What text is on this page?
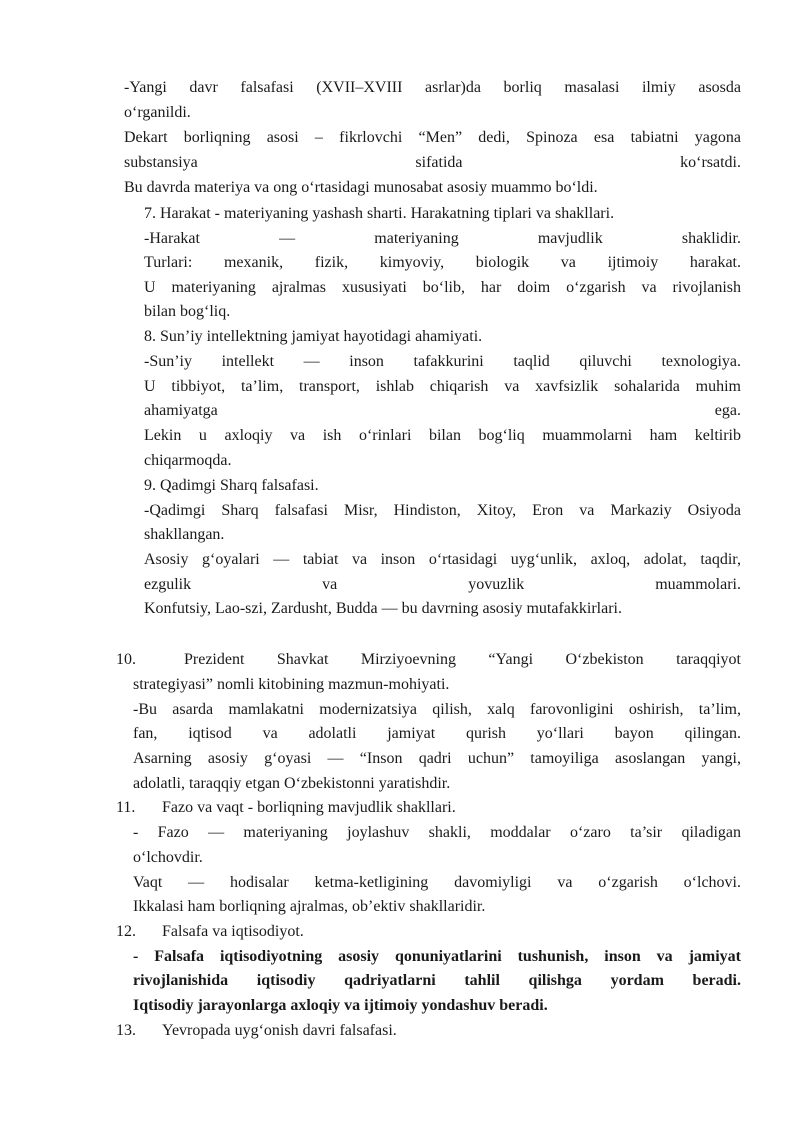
-Yangi davr falsafasi (XVII–XVIII asrlar)da borliq masalasi ilmiy asosda
oʻrganildi.
Dekart borliqning asosi – fikrlovchi “Men” dedi, Spinoza esa tabiatni yagona
substansiya sifatida koʻrsatdi.
Bu davrda materiya va ong oʻrtasidagi munosabat asosiy muammo boʻldi.
7. Harakat - materiyaning yashash sharti. Harakatning tiplari va shakllari.
-Harakat — materiyaning mavjudlik shaklidir.
Turlari: mexanik, fizik, kimyoviy, biologik va ijtimoiy harakat.
U materiyaning ajralmas xususiyati boʻlib, har doim oʻzgarish va rivojlanish
bilan bogʻliq.
8. Sun’iy intellektning jamiyat hayotidagi ahamiyati.
-Sun’iy intellekt — inson tafakkurini taqlid qiluvchi texnologiya.
U tibbiyot, ta’lim, transport, ishlab chiqarish va xavfsizlik sohalarida muhim
ahamiyatga ega.
Lekin u axloqiy va ish oʻrinlari bilan bogʻliq muammolarni ham keltirib
chiqarmoqda.
9. Qadimgi Sharq falsafasi.
-Qadimgi Sharq falsafasi Misr, Hindiston, Xitoy, Eron va Markaziy Osiyoda
shakllangan.
Asosiy gʻoyalari — tabiat va inson oʻrtasidagi uygʻunlik, axloq, adolat, taqdir,
ezgulik va yovuzlik muammolari.
Konfutsiy, Lao-szi, Zardusht, Budda — bu davrning asosiy mutafakkirlari.
10.	Prezident Shavkat Mirziyoevning “Yangi Oʻzbekiston taraqqiyot
strategiyasi” nomli kitobining mazmun-mohiyati.
-Bu asarda mamlakatni modernizatsiya qilish, xalq farovonligini oshirish, ta’lim,
fan, iqtisod va adolatli jamiyat qurish yoʻllari bayon qilingan.
Asarning asosiy gʻoyasi — “Inson qadri uchun” tamoyiliga asoslangan yangi,
adolatli, taraqqiy etgan Oʻzbekistonni yaratishdir.
11. Fazo va vaqt - borliqning mavjudlik shakllari.
- Fazo — materiyaning joylashuv shakli, moddalar oʻzaro ta’sir qiladigan
oʻlchovdir.
Vaqt — hodisalar ketma-ketligining davomiyligi va oʻzgarish oʻlchovi.
Ikkalasi ham borliqning ajralmas, ob’ektiv shakllaridir.
12. Falsafa va iqtisodiyot.
- Falsafa iqtisodiyotning asosiy qonuniyatlarini tushunish, inson va jamiyat
rivojlanishida iqtisodiy qadriyatlarni tahlil qilishga yordam beradi.
Iqtisodiy jarayonlarga axloqiy va ijtimoiy yondashuv beradi.
13. Yevropada uygʻonish davri falsafasi.
